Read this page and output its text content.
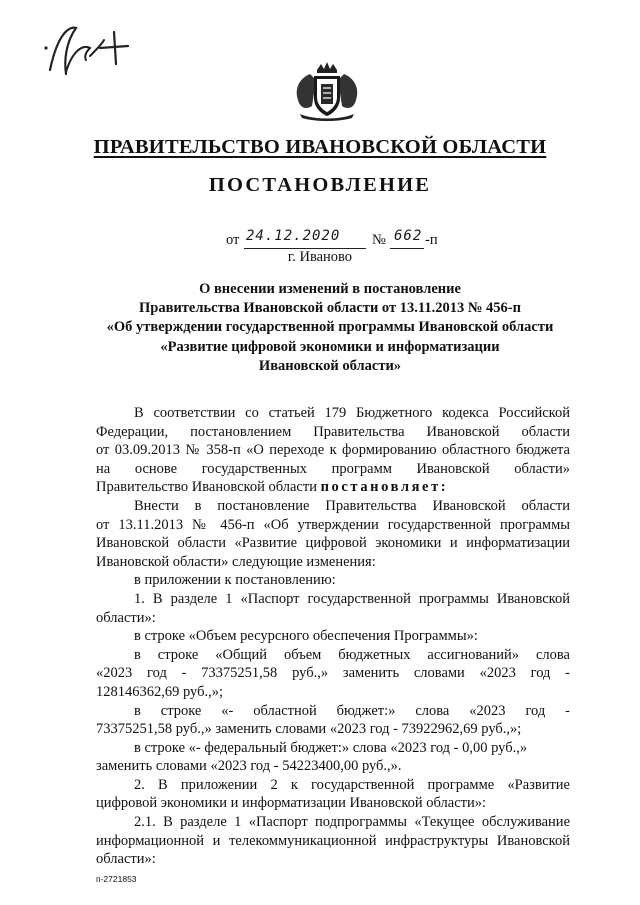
ПРАВИТЕЛЬСТВО ИВАНОВСКОЙ ОБЛАСТИ
ПОСТАНОВЛЕНИЕ
от 24.12.2020 № 662 -п
г. Иваново
О внесении изменений в постановление
Правительства Ивановской области от 13.11.2013 № 456-п
«Об утверждении государственной программы Ивановской области
«Развитие цифровой экономики и информатизации
Ивановской области»
В соответствии со статьей 179 Бюджетного кодекса Российской
Федерации, постановлением Правительства Ивановской области
от 03.09.2013 № 358-п «О переходе к формированию областного бюджета
на основе государственных программ Ивановской области»
Правительство Ивановской области постановляет:
Внести в постановление Правительства Ивановской области
от 13.11.2013 № 456-п «Об утверждении государственной программы
Ивановской области «Развитие цифровой экономики и информатизации
Ивановской области» следующие изменения:
в приложении к постановлению:
1. В разделе 1 «Паспорт государственной программы Ивановской
области»:
в строке «Объем ресурсного обеспечения Программы»:
в строке «Общий объем бюджетных ассигнований» слова
«2023 год - 73375251,58 руб.,» заменить словами «2023 год -
128146362,69 руб.,»;
в строке «- областной бюджет:» слова «2023 год -
73375251,58 руб.,» заменить словами «2023 год - 73922962,69 руб.,»;
в строке «- федеральный бюджет:» слова «2023 год - 0,00 руб.,»
заменить словами «2023 год - 54223400,00 руб.,».
2. В приложении 2 к государственной программе «Развитие
цифровой экономики и информатизации Ивановской области»:
2.1. В разделе 1 «Паспорт подпрограммы «Текущее обслуживание
информационной и телекоммуникационной инфраструктуры Ивановской
области»:
п-2721853
